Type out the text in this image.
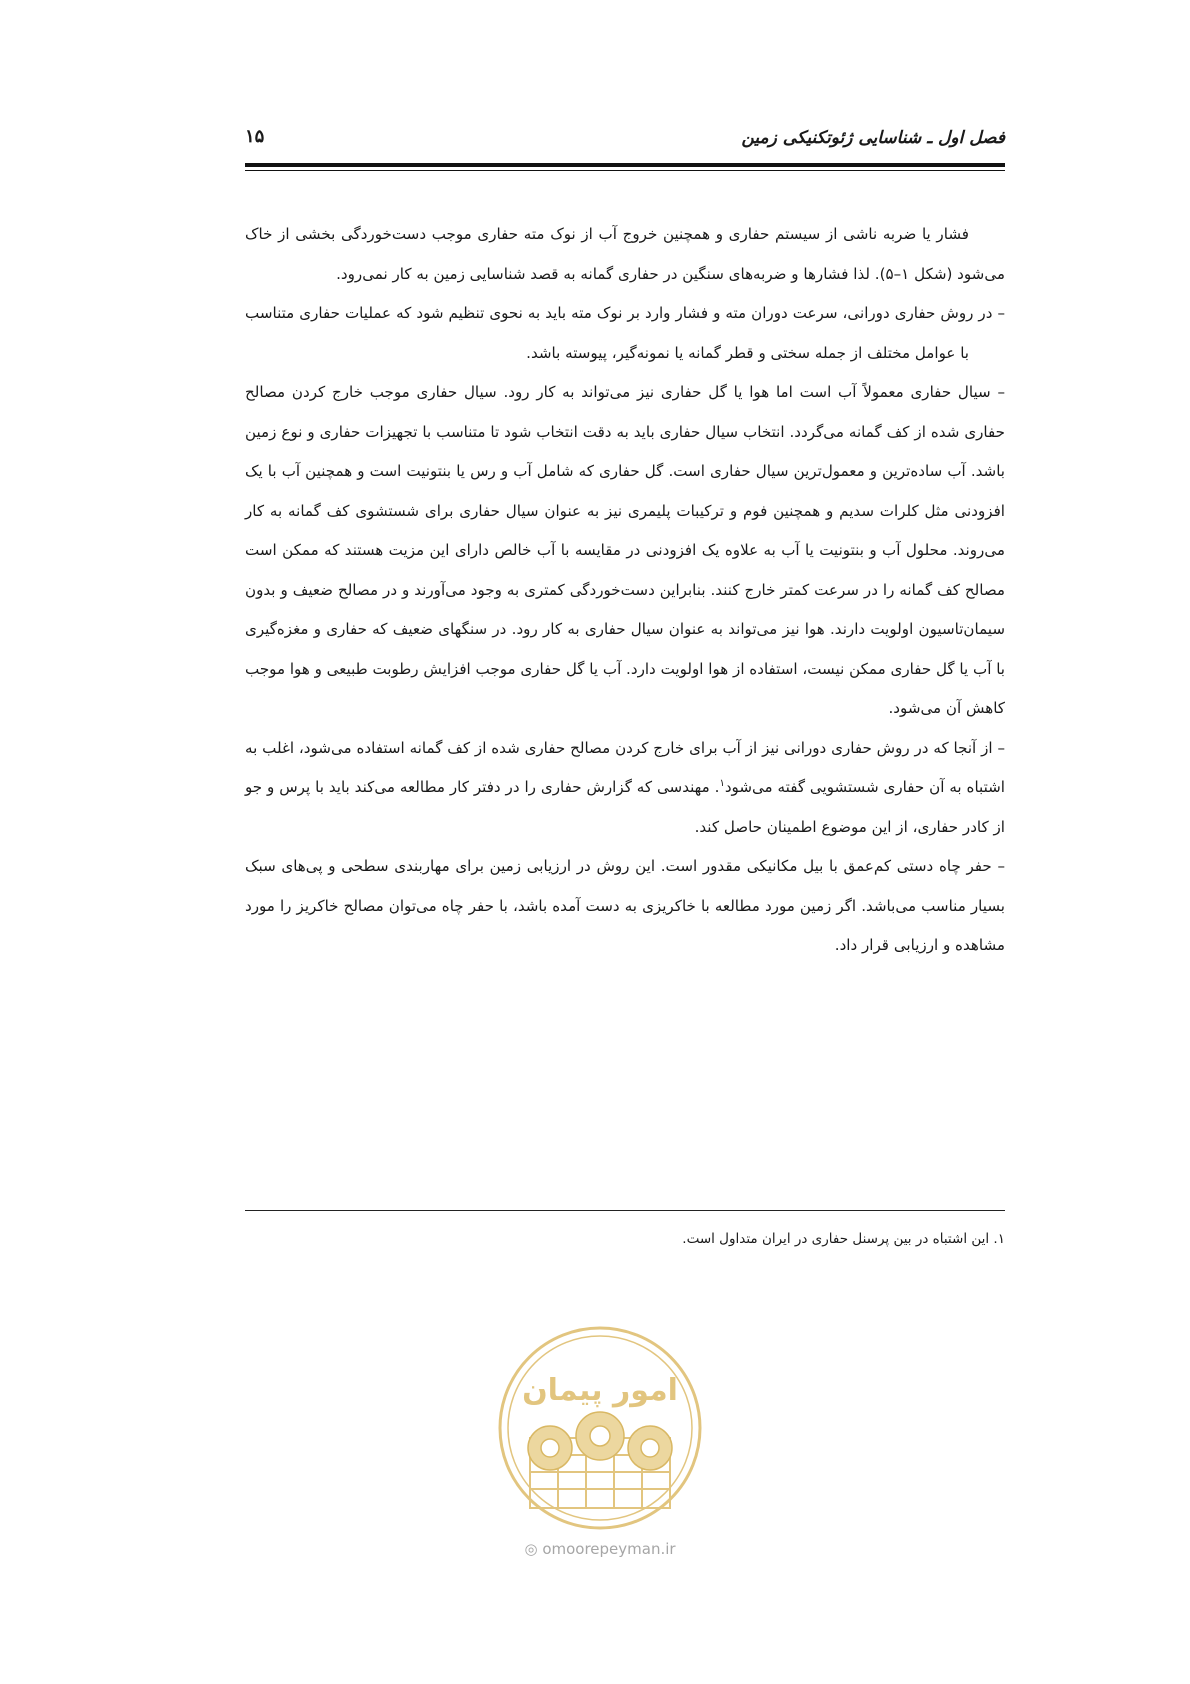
فصل اول ـ شناسایی ژئوتکنیکی زمین
۱۵

فشار یا ضربه ناشی از سیستم حفاری و همچنین خروج آب از نوک مته حفاری موجب دست‌خوردگی بخشی از خاک می‌شود (شکل ۱–۵). لذا فشارها و ضربه‌های سنگین در حفاری گمانه به قصد شناسایی زمین به کار نمی‌رود.

– در روش حفاری دورانی، سرعت دوران مته و فشار وارد بر نوک مته باید به نحوی تنظیم شود که عملیات حفاری متناسب با عوامل مختلف از جمله سختی و قطر گمانه یا نمونه‌گیر، پیوسته باشد.

– سیال حفاری معمولاً آب است اما هوا یا گل حفاری نیز می‌تواند به کار رود. سیال حفاری موجب خارج کردن مصالح حفاری شده از کف گمانه می‌گردد. انتخاب سیال حفاری باید به دقت انتخاب شود تا متناسب با تجهیزات حفاری و نوع زمین باشد. آب ساده‌ترین و معمول‌ترین سیال حفاری است. گل حفاری که شامل آب و رس یا بنتونیت است و همچنین آب با یک افزودنی مثل کلرات سدیم و همچنین فوم و ترکیبات پلیمری نیز به عنوان سیال حفاری برای شستشوی کف گمانه به کار می‌روند. محلول آب و بنتونیت یا آب به علاوه یک افزودنی در مقایسه با آب خالص دارای این مزیت هستند که ممکن است مصالح کف گمانه را در سرعت کمتر خارج کنند. بنابراین دست‌خوردگی کمتری به وجود می‌آورند و در مصالح ضعیف و بدون سیمان‌تاسیون اولویت دارند. هوا نیز می‌تواند به عنوان سیال حفاری به کار رود. در سنگهای ضعیف که حفاری و مغزه‌گیری با آب یا گل حفاری ممکن نیست، استفاده از هوا اولویت دارد. آب یا گل حفاری موجب افزایش رطوبت طبیعی و هوا موجب کاهش آن می‌شود.

– از آنجا که در روش حفاری دورانی نیز از آب برای خارج کردن مصالح حفاری شده از کف گمانه استفاده می‌شود، اغلب به اشتباه به آن حفاری شستشویی گفته می‌شود$^۱$. مهندسی که گزارش حفاری را در دفتر کار مطالعه می‌کند باید با پرس و جو از کادر حفاری، از این موضوع اطمینان حاصل کند.

– حفر چاه دستی کم‌عمق با بیل مکانیکی مقدور است. این روش در ارزیابی زمین برای مهاربندی سطحی و پی‌های سبک بسیار مناسب می‌باشد. اگر زمین مورد مطالعه با خاکریزی به دست آمده باشد، با حفر چاه می‌توان مصالح خاکریز را مورد مشاهده و ارزیابی قرار داد.

۱. این اشتباه در بین پرسنل حفاری در ایران متداول است.
امور پیمان
◎ omoorepeyman.ir
